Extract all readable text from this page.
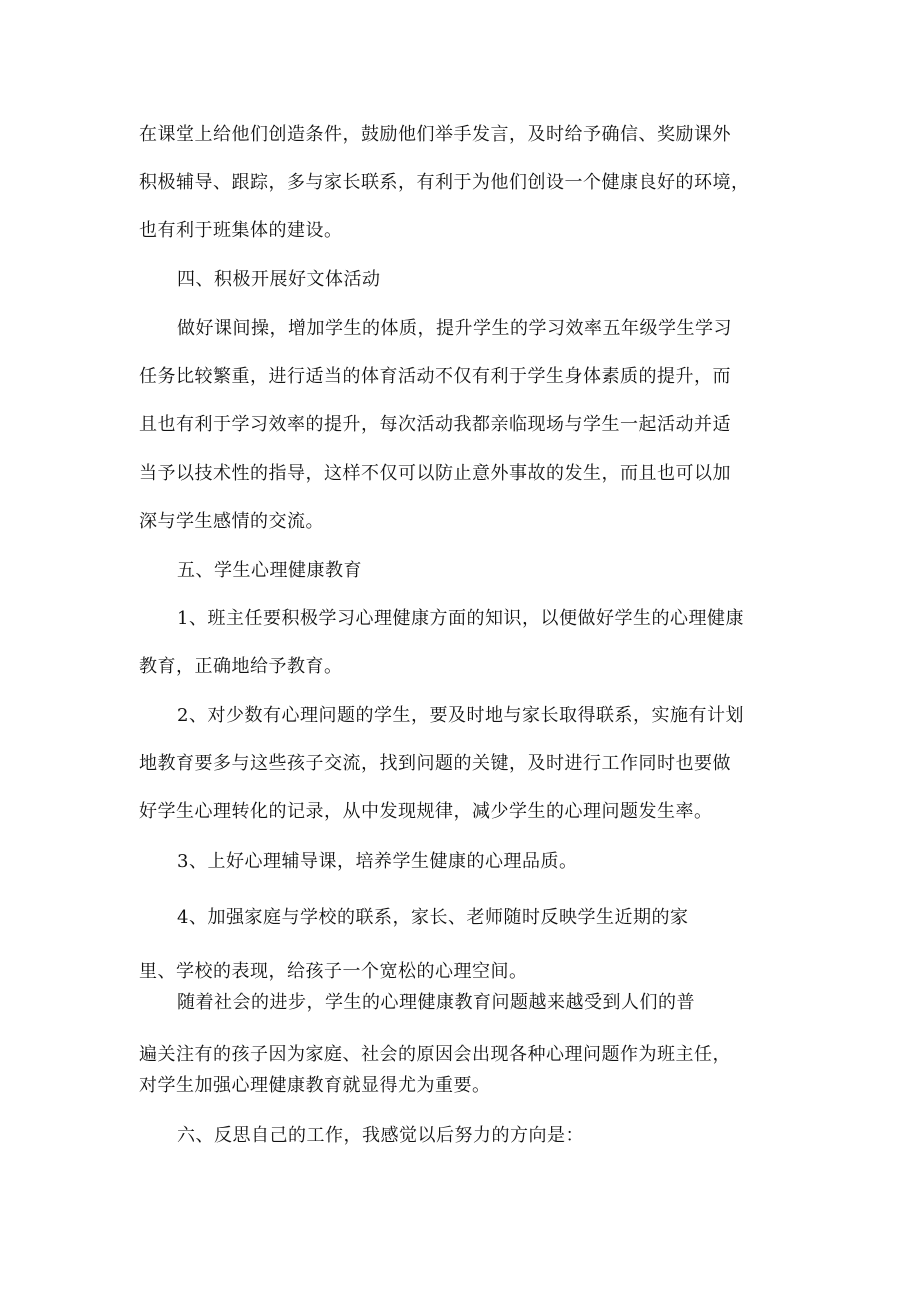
在课堂上给他们创造条件，鼓励他们举手发言，及时给予确信、奖励课外
积极辅导、跟踪，多与家长联系，有利于为他们创设一个健康良好的环境，
也有利于班集体的建设。
四、积极开展好文体活动
做好课间操，增加学生的体质，提升学生的学习效率五年级学生学习
任务比较繁重，进行适当的体育活动不仅有利于学生身体素质的提升，而
且也有利于学习效率的提升，每次活动我都亲临现场与学生一起活动并适
当予以技术性的指导，这样不仅可以防止意外事故的发生，而且也可以加
深与学生感情的交流。
五、学生心理健康教育
1、班主任要积极学习心理健康方面的知识，以便做好学生的心理健康
教育，正确地给予教育。
2、对少数有心理问题的学生，要及时地与家长取得联系，实施有计划
地教育要多与这些孩子交流，找到问题的关键，及时进行工作同时也要做
好学生心理转化的记录，从中发现规律，减少学生的心理问题发生率。
3、上好心理辅导课，培养学生健康的心理品质。
4、加强家庭与学校的联系，家长、老师随时反映学生近期的家
里、学校的表现，给孩子一个宽松的心理空间。
随着社会的进步，学生的心理健康教育问题越来越受到人们的普
遍关注有的孩子因为家庭、社会的原因会出现各种心理问题作为班主任，
对学生加强心理健康教育就显得尤为重要。
六、反思自己的工作，我感觉以后努力的方向是：
